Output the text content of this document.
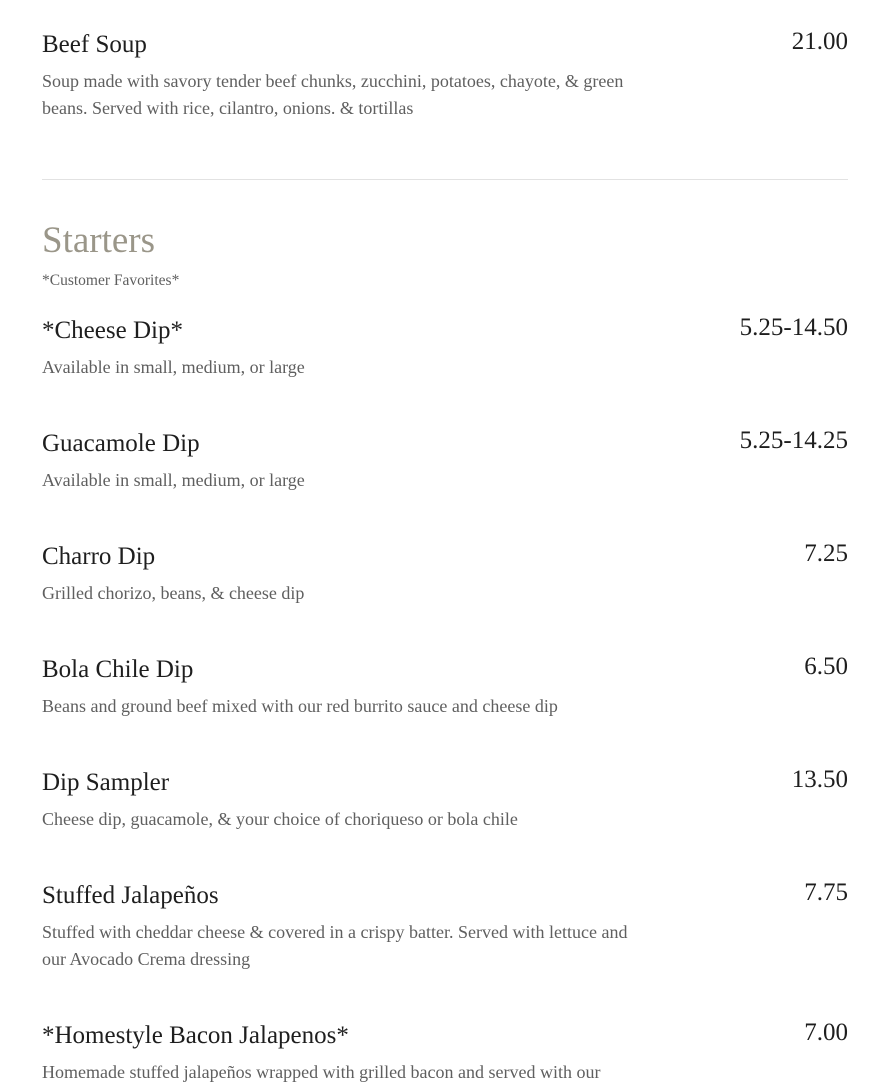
Beef Soup	21.00
Soup made with savory tender beef chunks, zucchini, potatoes, chayote, & green beans. Served with rice, cilantro, onions. & tortillas
Starters
*Customer Favorites*
*Cheese Dip*	5.25-14.50
Available in small, medium, or large
Guacamole Dip	5.25-14.25
Available in small, medium, or large
Charro Dip	7.25
Grilled chorizo, beans, & cheese dip
Bola Chile Dip	6.50
Beans and ground beef mixed with our red burrito sauce and cheese dip
Dip Sampler	13.50
Cheese dip, guacamole, & your choice of choriqueso or bola chile
Stuffed Jalapeños	7.75
Stuffed with cheddar cheese & covered in a crispy batter. Served with lettuce and our Avocado Crema dressing
*Homestyle Bacon Jalapenos*	7.00
Homemade stuffed jalapeños wrapped with grilled bacon and served with our
